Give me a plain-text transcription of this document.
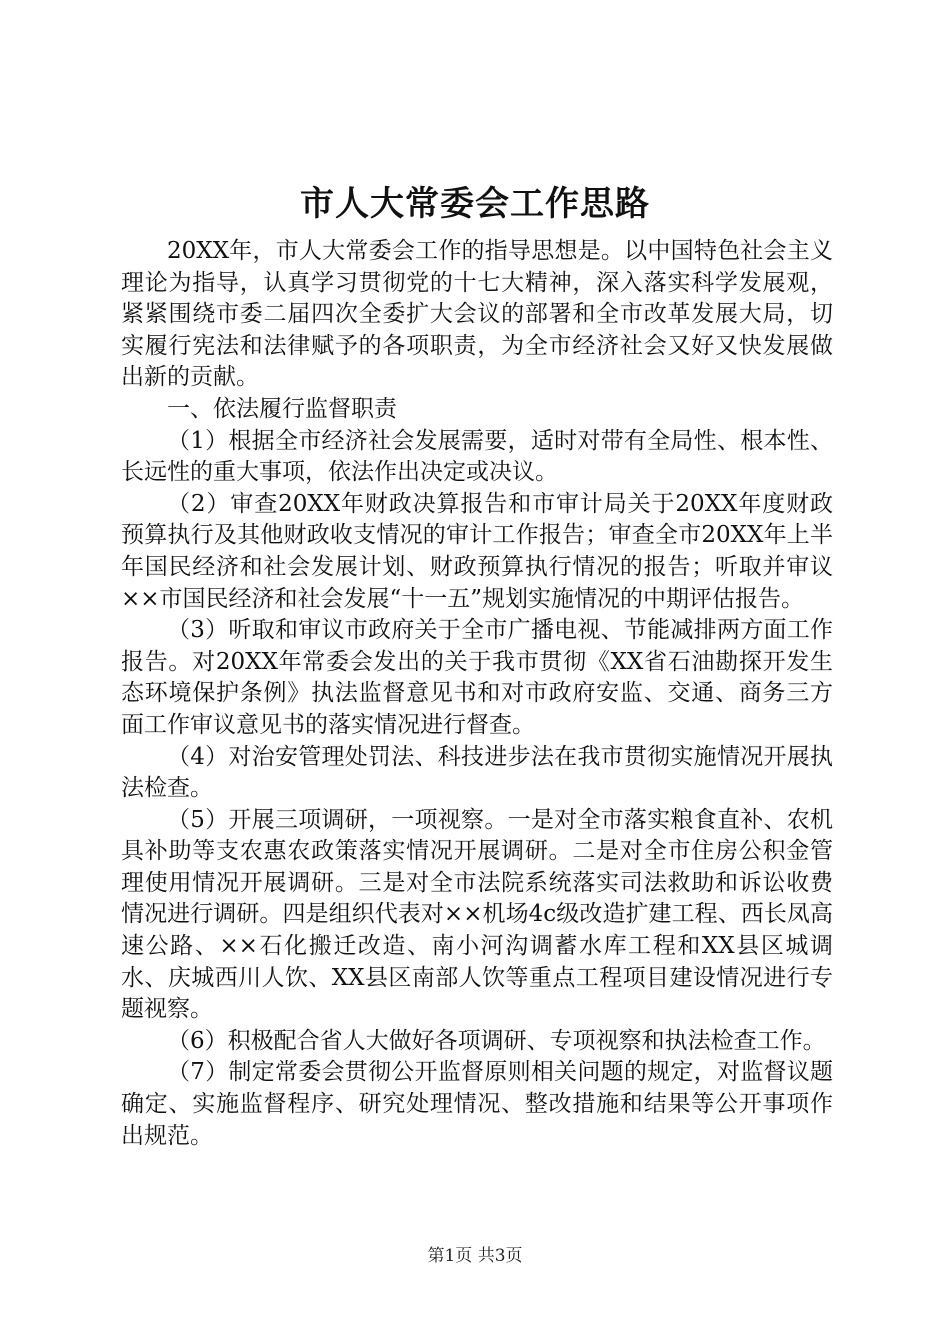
市人大常委会工作思路

20XX年，市人大常委会工作的指导思想是。以中国特色社会主义理论为指导，认真学习贯彻党的十七大精神，深入落实科学发展观，紧紧围绕市委二届四次全委扩大会议的部署和全市改革发展大局，切实履行宪法和法律赋予的各项职责，为全市经济社会又好又快发展做出新的贡献。

一、依法履行监督职责

（1）根据全市经济社会发展需要，适时对带有全局性、根本性、长远性的重大事项，依法作出决定或决议。

（2）审查20XX年财政决算报告和市审计局关于20XX年度财政预算执行及其他财政收支情况的审计工作报告；审查全市20XX年上半年国民经济和社会发展计划、财政预算执行情况的报告；听取并审议××市国民经济和社会发展“十一五”规划实施情况的中期评估报告。

（3）听取和审议市政府关于全市广播电视、节能减排两方面工作报告。对20XX年常委会发出的关于我市贯彻《XX省石油勘探开发生态环境保护条例》执法监督意见书和对市政府安监、交通、商务三方面工作审议意见书的落实情况进行督查。

（4）对治安管理处罚法、科技进步法在我市贯彻实施情况开展执法检查。

（5）开展三项调研，一项视察。一是对全市落实粮食直补、农机具补助等支农惠农政策落实情况开展调研。二是对全市住房公积金管理使用情况开展调研。三是对全市法院系统落实司法救助和诉讼收费情况进行调研。四是组织代表对××机场4c级改造扩建工程、西长凤高速公路、××石化搬迁改造、南小河沟调蓄水库工程和XX县区城调水、庆城西川人饮、XX县区南部人饮等重点工程项目建设情况进行专题视察。

（6）积极配合省人大做好各项调研、专项视察和执法检查工作。

（7）制定常委会贯彻公开监督原则相关问题的规定，对监督议题确定、实施监督程序、研究处理情况、整改措施和结果等公开事项作出规范。

第1页 共3页
